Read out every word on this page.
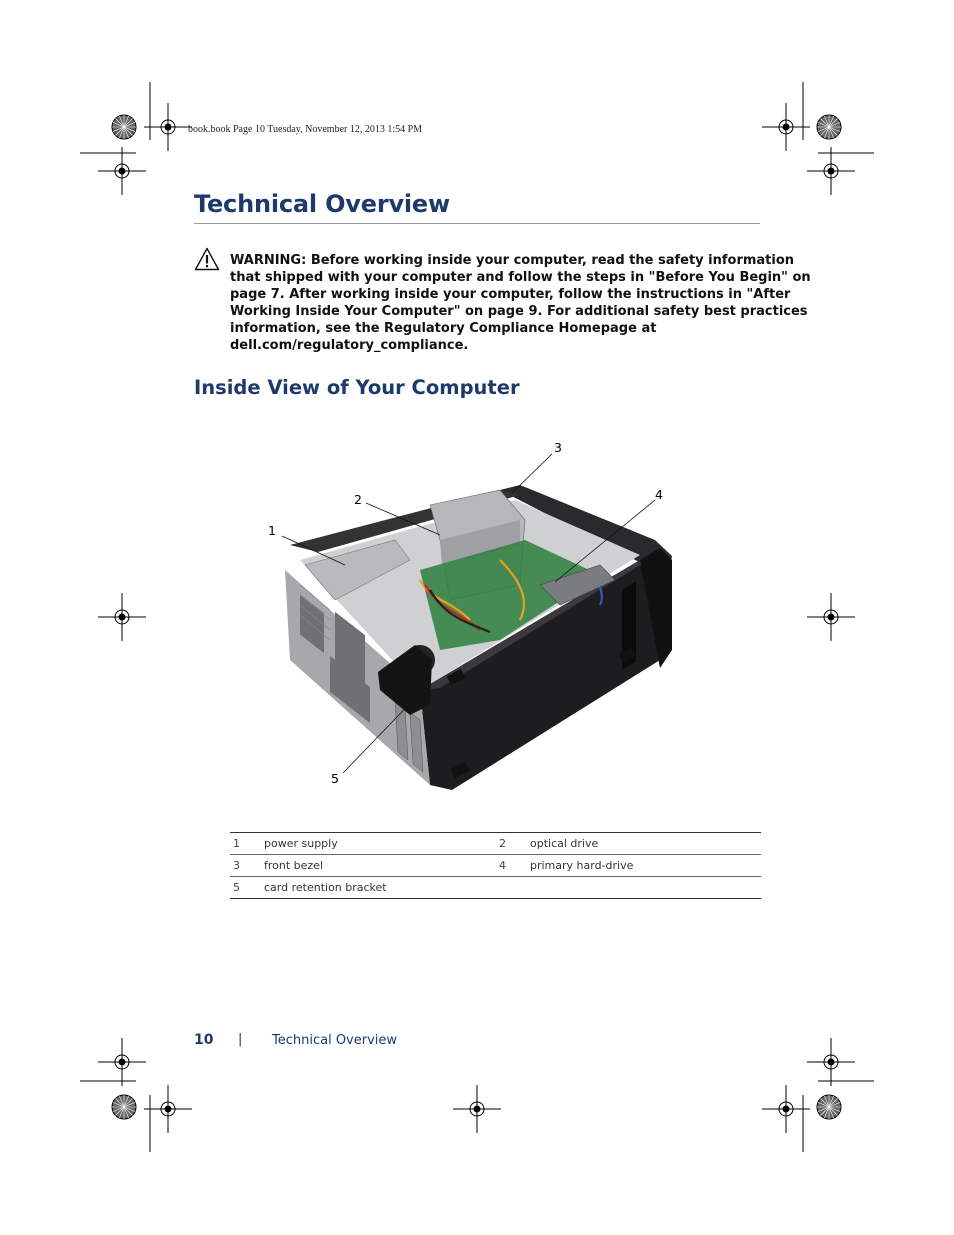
book.book Page 10 Tuesday, November 12, 2013 1:54 PM
Technical Overview

WARNING: Before working inside your computer, read the safety information
that shipped with your computer and follow the steps in "Before You Begin" on
page 7. After working inside your computer, follow the instructions in "After
Working Inside Your Computer" on page 9. For additional safety best practices
information, see the Regulatory Compliance Homepage at
dell.com/regulatory_compliance.

Inside View of Your Computer
1
2
3
4
5
1	power supply	2	optical drive
3	front bezel	4	primary hard-drive
5	card retention bracket		
10 | Technical Overview
